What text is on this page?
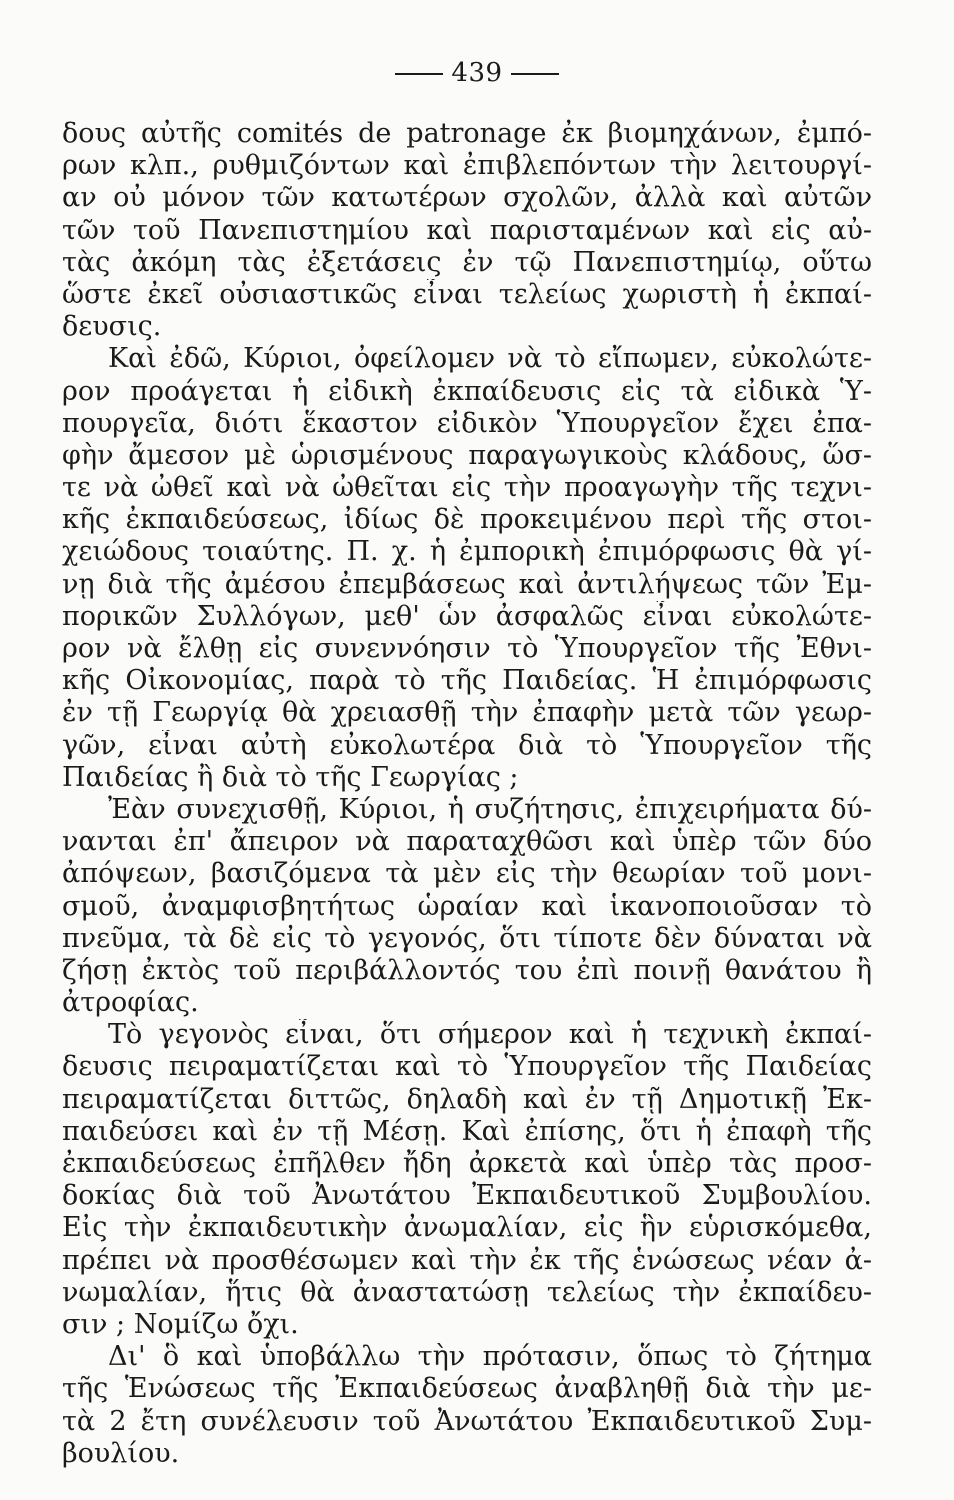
439
δους αὐτῆς comités de patronage ἐκ βιομηχάνων, ἐμπό-
ρων κλπ., ρυθμιζόντων καὶ ἐπιβλεπόντων τὴν λειτουργί-
αν οὐ μόνον τῶν κατωτέρων σχολῶν, ἀλλὰ καὶ αὐτῶν
τῶν τοῦ Πανεπιστημίου καὶ παρισταμένων καὶ εἰς αὐ-
τὰς ἀκόμη τὰς ἐξετάσεις ἐν τῷ Πανεπιστημίῳ, οὕτω
ὥστε ἐκεῖ οὐσιαστικῶς εἶναι τελείως χωριστὴ ἡ ἐκπαί-
δευσις.
Καὶ ἐδῶ, Κύριοι, ὀφείλομεν νὰ τὸ εἴπωμεν, εὐκολώτε-
ρον προάγεται ἡ εἰδικὴ ἐκπαίδευσις εἰς τὰ εἰδικὰ Ὑ-
πουργεῖα, διότι ἕκαστον εἰδικὸν Ὑπουργεῖον ἔχει ἐπα-
φὴν ἄμεσον μὲ ὡρισμένους παραγωγικοὺς κλάδους, ὥσ-
τε νὰ ὠθεῖ καὶ νὰ ὠθεῖται εἰς τὴν προαγωγὴν τῆς τεχνι-
κῆς ἐκπαιδεύσεως, ἰδίως δὲ προκειμένου περὶ τῆς στοι-
χειώδους τοιαύτης. Π. χ. ἡ ἐμπορικὴ ἐπιμόρφωσις θὰ γί-
νῃ διὰ τῆς ἀμέσου ἐπεμβάσεως καὶ ἀντιλήψεως τῶν Ἐμ-
πορικῶν Συλλόγων, μεθ' ὧν ἀσφαλῶς εἶναι εὐκολώτε-
ρον νὰ ἔλθῃ εἰς συνεννόησιν τὸ Ὑπουργεῖον τῆς Ἐθνι-
κῆς Οἰκονομίας, παρὰ τὸ τῆς Παιδείας. Ἡ ἐπιμόρφωσις
ἐν τῇ Γεωργίᾳ θὰ χρειασθῇ τὴν ἐπαφὴν μετὰ τῶν γεωρ-
γῶν, εἶναι αὐτὴ εὐκολωτέρα διὰ τὸ Ὑπουργεῖον τῆς
Παιδείας ἢ διὰ τὸ τῆς Γεωργίας ;
Ἐὰν συνεχισθῇ, Κύριοι, ἡ συζήτησις, ἐπιχειρήματα δύ-
νανται ἐπ' ἄπειρον νὰ παραταχθῶσι καὶ ὑπὲρ τῶν δύο
ἀπόψεων, βασιζόμενα τὰ μὲν εἰς τὴν θεωρίαν τοῦ μονι-
σμοῦ, ἀναμφισβητήτως ὡραίαν καὶ ἱκανοποιοῦσαν τὸ
πνεῦμα, τὰ δὲ εἰς τὸ γεγονός, ὅτι τίποτε δὲν δύναται νὰ
ζήσῃ ἐκτὸς τοῦ περιβάλλοντός του ἐπὶ ποινῇ θανάτου ἢ
ἀτροφίας.
Τὸ γεγονὸς εἶναι, ὅτι σήμερον καὶ ἡ τεχνικὴ ἐκπαί-
δευσις πειραματίζεται καὶ τὸ Ὑπουργεῖον τῆς Παιδείας
πειραματίζεται διττῶς, δηλαδὴ καὶ ἐν τῇ Δημοτικῇ Ἐκ-
παιδεύσει καὶ ἐν τῇ Μέσῃ. Καὶ ἐπίσης, ὅτι ἡ ἐπαφὴ τῆς
ἐκπαιδεύσεως ἐπῆλθεν ἤδη ἀρκετὰ καὶ ὑπὲρ τὰς προσ-
δοκίας διὰ τοῦ Ἀνωτάτου Ἐκπαιδευτικοῦ Συμβουλίου.
Εἰς τὴν ἐκπαιδευτικὴν ἀνωμαλίαν, εἰς ἣν εὑρισκόμεθα,
πρέπει νὰ προσθέσωμεν καὶ τὴν ἐκ τῆς ἑνώσεως νέαν ἀ-
νωμαλίαν, ἥτις θὰ ἀναστατώσῃ τελείως τὴν ἐκπαίδευ-
σιν ; Νομίζω ὄχι.
Δι' ὃ καὶ ὑποβάλλω τὴν πρότασιν, ὅπως τὸ ζήτημα
τῆς Ἑνώσεως τῆς Ἐκπαιδεύσεως ἀναβληθῇ διὰ τὴν με-
τὰ 2 ἔτη συνέλευσιν τοῦ Ἀνωτάτου Ἐκπαιδευτικοῦ Συμ-
βουλίου.
